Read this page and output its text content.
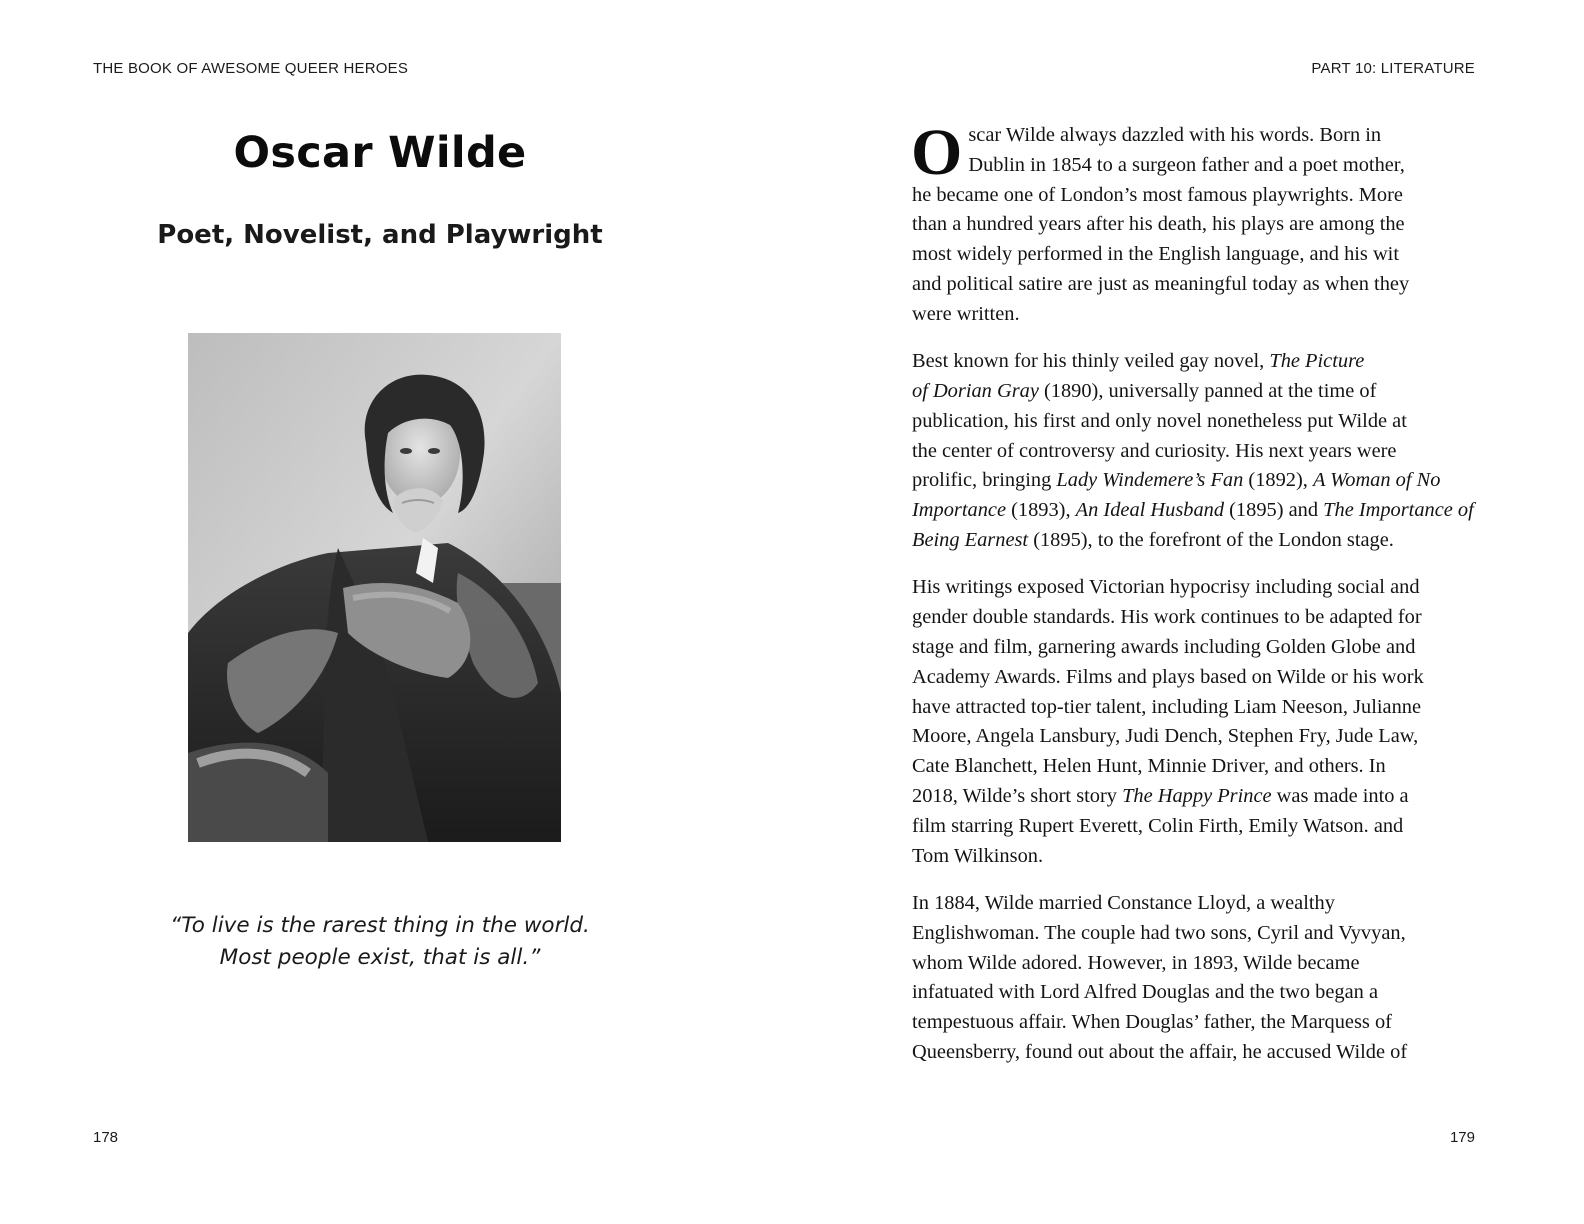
THE BOOK OF AWESOME QUEER HEROES	PART 10: LITERATURE
Oscar Wilde
Poet, Novelist, and Playwright
“To live is the rarest thing in the world.
Most people exist, that is all.”

O scar Wilde always dazzled with his words. Born in
Dublin in 1854 to a surgeon father and a poet mother,
he became one of London’s most famous playwrights. More
than a hundred years after his death, his plays are among the
most widely performed in the English language, and his wit
and political satire are just as meaningful today as when they
were written.

Best known for his thinly veiled gay novel, The Picture
of Dorian Gray (1890), universally panned at the time of
publication, his first and only novel nonetheless put Wilde at
the center of controversy and curiosity. His next years were
prolific, bringing Lady Windemere’s Fan (1892), A Woman of No
Importance (1893), An Ideal Husband (1895) and The Importance of
Being Earnest (1895), to the forefront of the London stage.

His writings exposed Victorian hypocrisy including social and
gender double standards. His work continues to be adapted for
stage and film, garnering awards including Golden Globe and
Academy Awards. Films and plays based on Wilde or his work
have attracted top-tier talent, including Liam Neeson, Julianne
Moore, Angela Lansbury, Judi Dench, Stephen Fry, Jude Law,
Cate Blanchett, Helen Hunt, Minnie Driver, and others. In
2018, Wilde’s short story The Happy Prince was made into a
film starring Rupert Everett, Colin Firth, Emily Watson. and
Tom Wilkinson.

In 1884, Wilde married Constance Lloyd, a wealthy
Englishwoman. The couple had two sons, Cyril and Vyvyan,
whom Wilde adored. However, in 1893, Wilde became
infatuated with Lord Alfred Douglas and the two began a
tempestuous affair. When Douglas’ father, the Marquess of
Queensberry, found out about the affair, he accused Wilde of

178	179
